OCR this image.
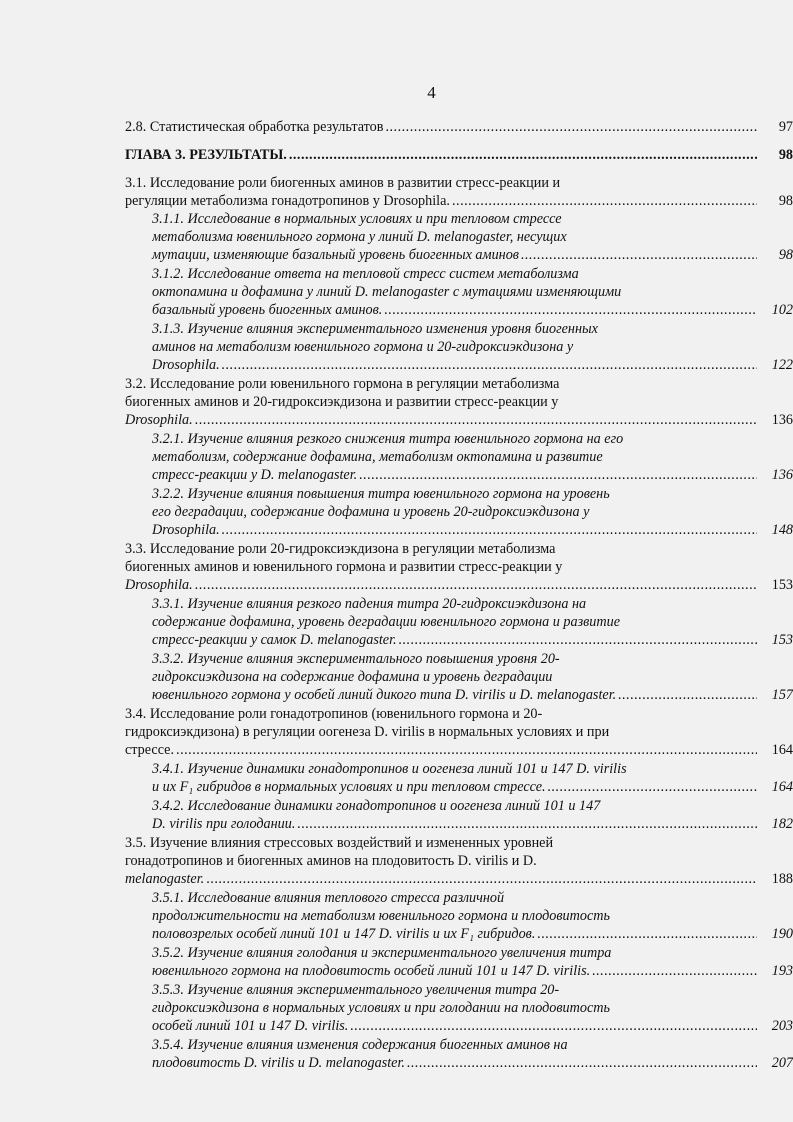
4
2.8. Статистическая обработка результатов .....	97
ГЛАВА 3. РЕЗУЛЬТАТЫ. .....	98
3.1. Исследование роли биогенных аминов в развитии стресс-реакции и
регуляции метаболизма гонадотропинов у Drosophila. .....	98
3.1.1. Исследование в нормальных условиях и при тепловом стрессе
метаболизма ювенильного гормона у линий D. melanogaster, несущих
мутации, изменяющие базальный уровень биогенных аминов .....	98
3.1.2. Исследование ответа на тепловой стресс систем метаболизма
октопамина и дофамина у линий D. melanogaster с мутациями изменяющими
базальный уровень биогенных аминов. .....	102
3.1.3. Изучение влияния экспериментального изменения уровня биогенных
аминов на метаболизм ювенильного гормона и 20-гидроксиэкдизона у
Drosophila. .....	122
3.2. Исследование роли ювенильного гормона в регуляции метаболизма
биогенных аминов и 20-гидроксиэкдизона и развитии стресс-реакции у
Drosophila. .....	136
3.2.1. Изучение влияния резкого снижения титра ювенильного гормона на его
метаболизм, содержание дофамина, метаболизм октопамина и развитие
стресс-реакции у D. melanogaster. .....	136
3.2.2. Изучение влияния повышения титра ювенильного гормона на уровень
его деградации, содержание дофамина и уровень 20-гидроксиэкдизона у
Drosophila. .....	148
3.3. Исследование роли 20-гидроксиэкдизона в регуляции метаболизма
биогенных аминов и ювенильного гормона и развитии стресс-реакции у
Drosophila. .....	153
3.3.1. Изучение влияния резкого падения титра 20-гидроксиэкдизона на
содержание дофамина, уровень деградации ювенильного гормона и развитие
стресс-реакции у самок D. melanogaster. .....	153
3.3.2. Изучение влияния экспериментального повышения уровня 20-
гидроксиэкдизона на содержание дофамина и уровень деградации
ювенильного гормона у особей линий дикого типа D. virilis и D. melanogaster. .....	157
3.4. Исследование роли гонадотропинов (ювенильного гормона и 20-
гидроксиэкдизона) в регуляции оогенеза D. virilis в нормальных условиях и при
стрессе. .....	164
3.4.1. Изучение динамики гонадотропинов и оогенеза линий 101 и 147 D. virilis
и их F₁ гибридов в нормальных условиях и при тепловом стрессе. .....	164
3.4.2. Исследование динамики гонадотропинов и оогенеза линий 101 и 147
D. virilis при голодании. .....	182
3.5. Изучение влияния стрессовых воздействий и измененных уровней
гонадотропинов и биогенных аминов на плодовитость D. virilis и D.
melanogaster. .....	188
3.5.1. Исследование влияния теплового стресса различной
продолжительности на метаболизм ювенильного гормона и плодовитость
половозрелых особей линий 101 и 147 D. virilis и их F₁ гибридов. .....	190
3.5.2. Изучение влияния голодания и экспериментального увеличения титра
ювенильного гормона на плодовитость особей линий 101 и 147 D. virilis. .....	193
3.5.3. Изучение влияния экспериментального увеличения титра 20-
гидроксиэкдизона в нормальных условиях и при голодании на плодовитость
особей линий 101 и 147 D. virilis. .....	203
3.5.4. Изучение влияния изменения содержания биогенных аминов на
плодовитость D. virilis и D. melanogaster. .....	207
